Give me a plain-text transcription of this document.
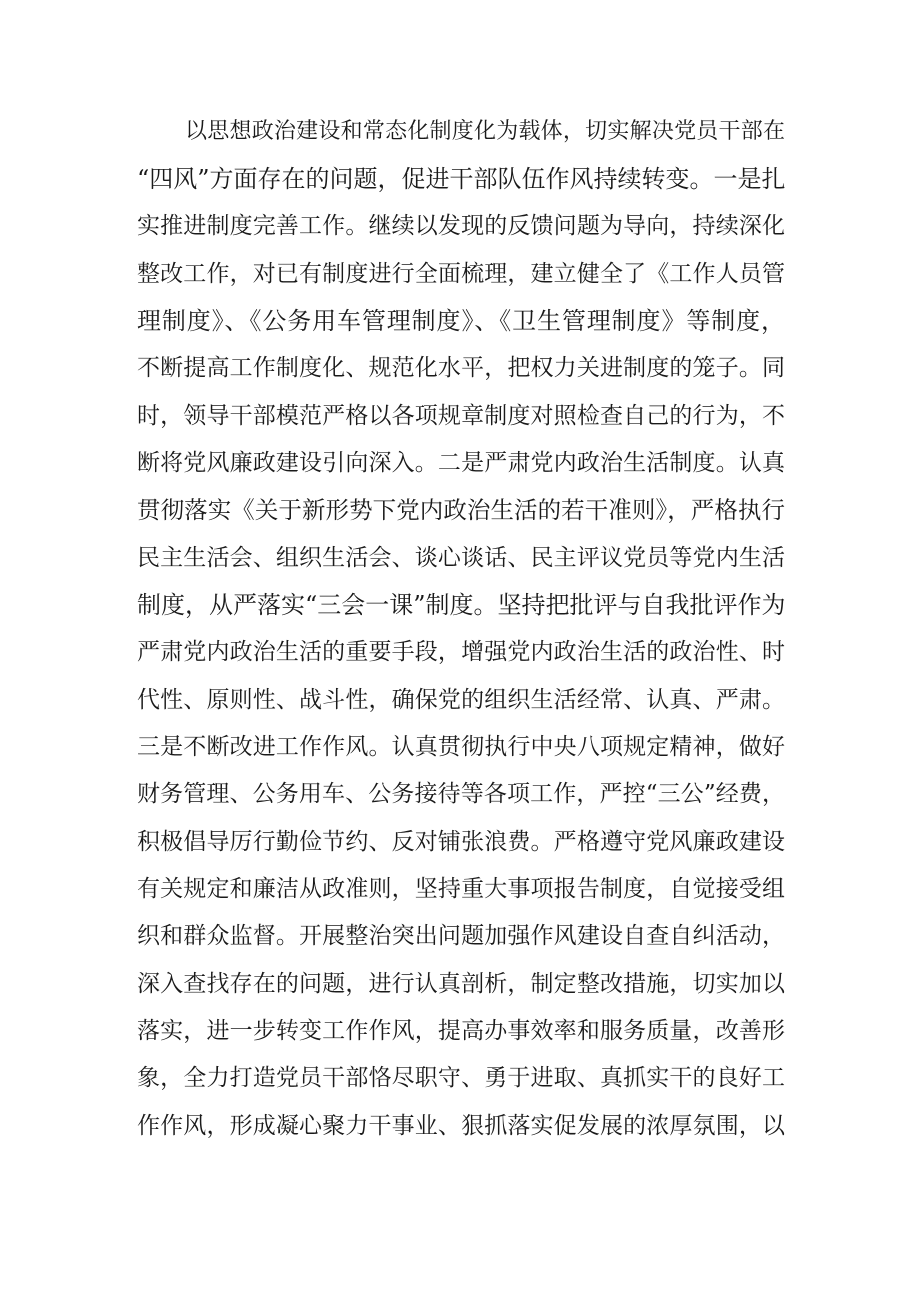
以思想政治建设和常态化制度化为载体，切实解决党员干部在
“四风”方面存在的问题，促进干部队伍作风持续转变。一是扎
实推进制度完善工作。继续以发现的反馈问题为导向，持续深化
整改工作，对已有制度进行全面梳理，建立健全了《工作人员管
理制度》、《公务用车管理制度》、《卫生管理制度》等制度，
不断提高工作制度化、规范化水平，把权力关进制度的笼子。同
时，领导干部模范严格以各项规章制度对照检查自己的行为，不
断将党风廉政建设引向深入。二是严肃党内政治生活制度。认真
贯彻落实《关于新形势下党内政治生活的若干准则》，严格执行
民主生活会、组织生活会、谈心谈话、民主评议党员等党内生活
制度，从严落实“三会一课”制度。坚持把批评与自我批评作为
严肃党内政治生活的重要手段，增强党内政治生活的政治性、时
代性、原则性、战斗性，确保党的组织生活经常、认真、严肃。
三是不断改进工作作风。认真贯彻执行中央八项规定精神，做好
财务管理、公务用车、公务接待等各项工作，严控“三公”经费，
积极倡导厉行勤俭节约、反对铺张浪费。严格遵守党风廉政建设
有关规定和廉洁从政准则，坚持重大事项报告制度，自觉接受组
织和群众监督。开展整治突出问题加强作风建设自查自纠活动，
深入查找存在的问题，进行认真剖析，制定整改措施，切实加以
落实，进一步转变工作作风，提高办事效率和服务质量，改善形
象，全力打造党员干部恪尽职守、勇于进取、真抓实干的良好工
作作风，形成凝心聚力干事业、狠抓落实促发展的浓厚氛围，以
